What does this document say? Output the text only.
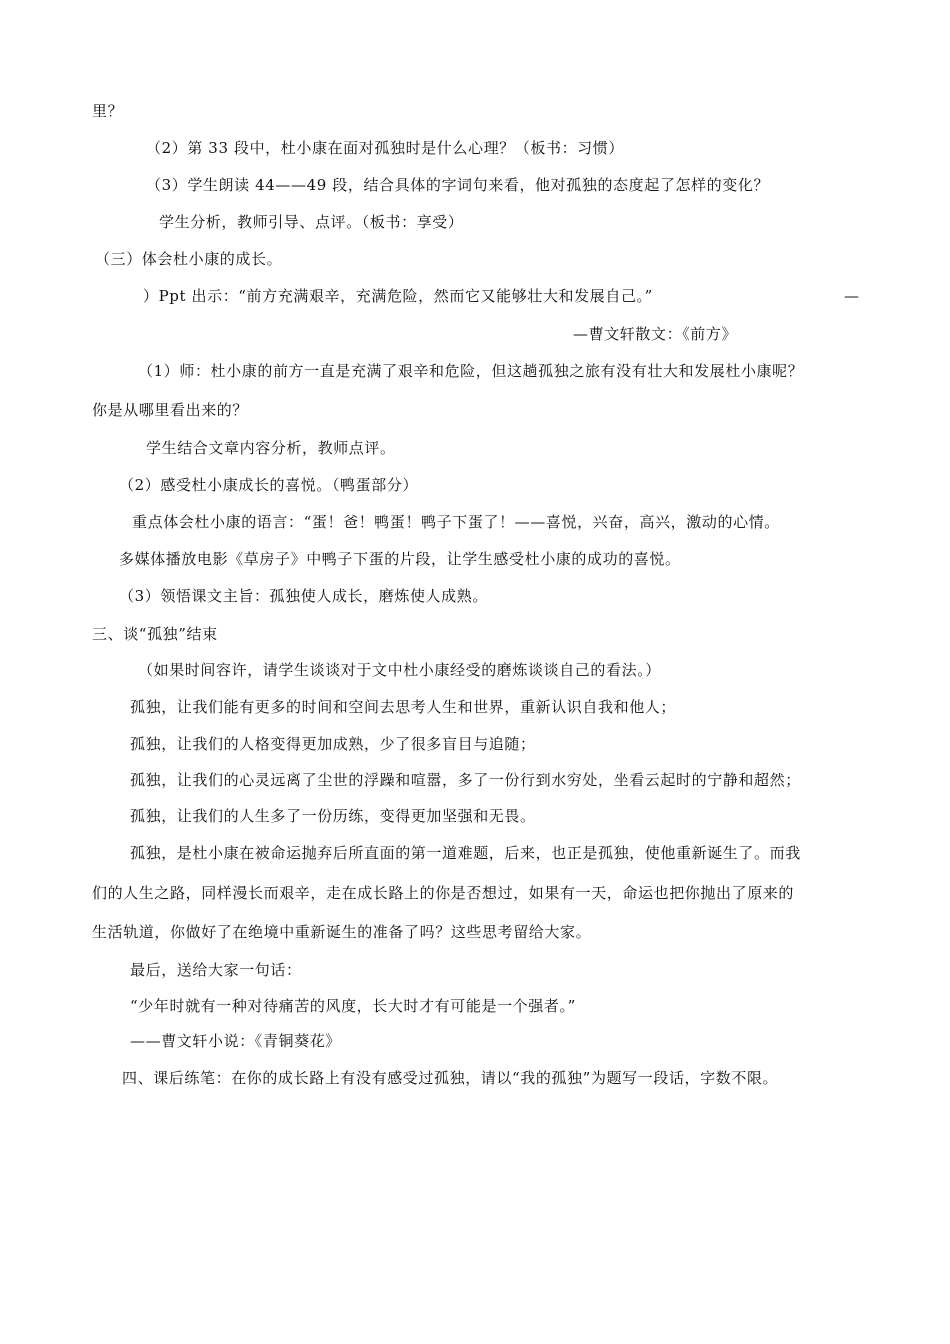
里？
（2）第 33 段中，杜小康在面对孤独时是什么心理？（板书：习惯）
（3）学生朗读 44——49 段，结合具体的字词句来看，他对孤独的态度起了怎样的变化？
学生分析，教师引导、点评。（板书：享受）
（三）体会杜小康的成长。
）Ppt 出示：“前方充满艰辛，充满危险，然而它又能够壮大和发展自己。”	—
—曹文轩散文：《前方》
（1）师：杜小康的前方一直是充满了艰辛和危险，但这趟孤独之旅有没有壮大和发展杜小康呢？
你是从哪里看出来的？
学生结合文章内容分析，教师点评。
（2）感受杜小康成长的喜悦。（鸭蛋部分）
重点体会杜小康的语言：“蛋！爸！鸭蛋！鸭子下蛋了！——喜悦，兴奋，高兴，激动的心情。
多媒体播放电影《草房子》中鸭子下蛋的片段，让学生感受杜小康的成功的喜悦。
（3）领悟课文主旨：孤独使人成长，磨炼使人成熟。
三、谈“孤独”结束
（如果时间容许，请学生谈谈对于文中杜小康经受的磨炼谈谈自己的看法。）
孤独，让我们能有更多的时间和空间去思考人生和世界，重新认识自我和他人；
孤独，让我们的人格变得更加成熟，少了很多盲目与追随；
孤独，让我们的心灵远离了尘世的浮躁和喧嚣，多了一份行到水穷处，坐看云起时的宁静和超然；
孤独，让我们的人生多了一份历练，变得更加坚强和无畏。
孤独，是杜小康在被命运抛弃后所直面的第一道难题，后来，也正是孤独，使他重新诞生了。而我
们的人生之路，同样漫长而艰辛，走在成长路上的你是否想过，如果有一天，命运也把你抛出了原来的
生活轨道，你做好了在绝境中重新诞生的准备了吗？这些思考留给大家。
最后，送给大家一句话：
“少年时就有一种对待痛苦的风度，长大时才有可能是一个强者。”
——曹文轩小说：《青铜葵花》
四、课后练笔：在你的成长路上有没有感受过孤独，请以“我的孤独”为题写一段话，字数不限。
